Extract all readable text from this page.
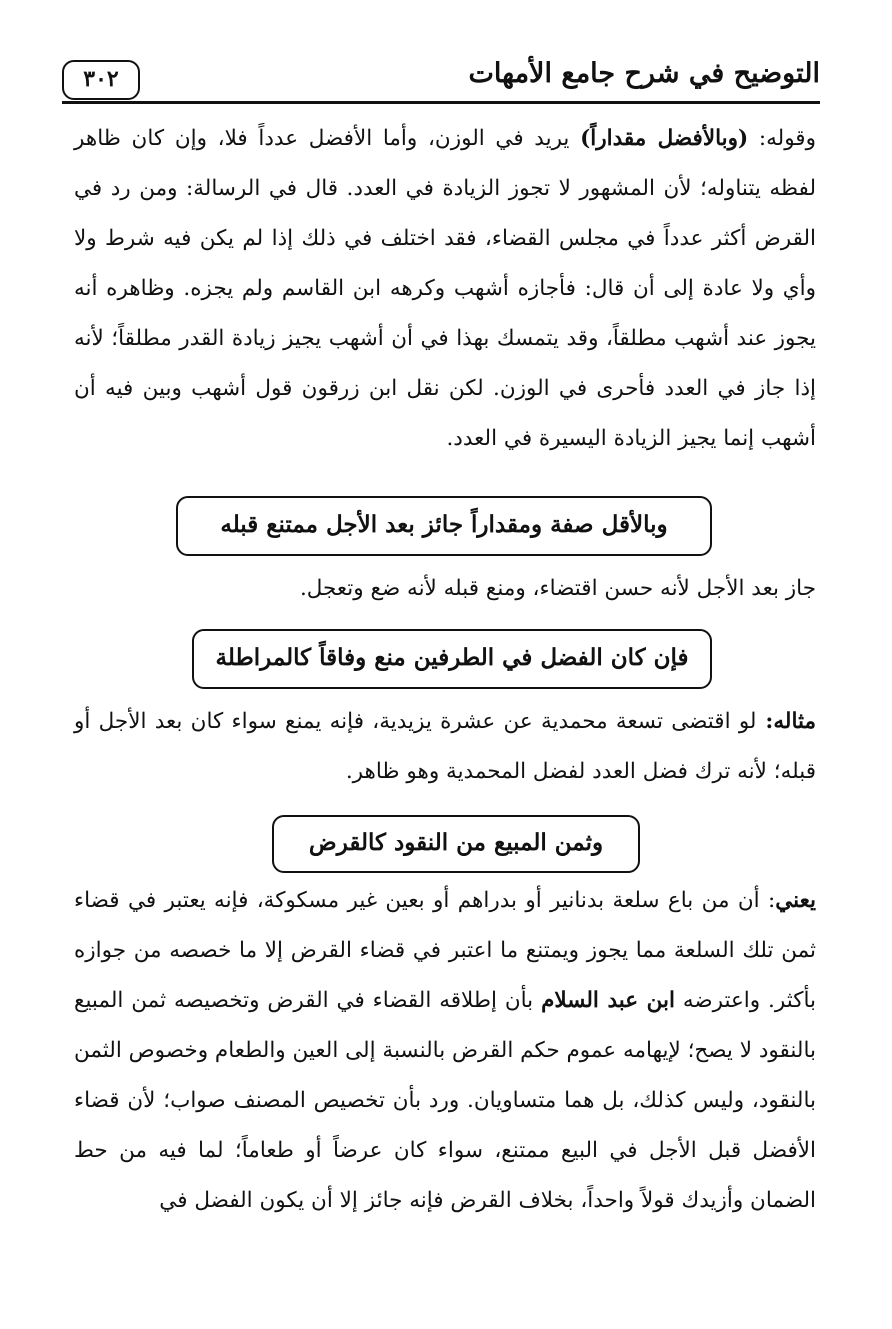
التوضيح في شرح جامع الأمهات
٣٠٢

وقوله: (وبالأفضل مقداراً) يريد في الوزن، وأما الأفضل عدداً فلا، وإن كان ظاهر لفظه يتناوله؛ لأن المشهور لا تجوز الزيادة في العدد. قال في الرسالة: ومن رد في القرض أكثر عدداً في مجلس القضاء، فقد اختلف في ذلك إذا لم يكن فيه شرط ولا وأي ولا عادة إلى أن قال: فأجازه أشهب وكرهه ابن القاسم ولم يجزه. وظاهره أنه يجوز عند أشهب مطلقاً، وقد يتمسك بهذا في أن أشهب يجيز زيادة القدر مطلقاً؛ لأنه إذا جاز في العدد فأحرى في الوزن. لكن نقل ابن زرقون قول أشهب وبين فيه أن أشهب إنما يجيز الزيادة اليسيرة في العدد.

وبالأقل صفة ومقداراً جائز بعد الأجل ممتنع قبله

جاز بعد الأجل لأنه حسن اقتضاء، ومنع قبله لأنه ضع وتعجل.

فإن كان الفضل في الطرفين منع وفاقاً كالمراطلة

مثاله: لو اقتضى تسعة محمدية عن عشرة يزيدية، فإنه يمنع سواء كان بعد الأجل أو قبله؛ لأنه ترك فضل العدد لفضل المحمدية وهو ظاهر.

وثمن المبيع من النقود كالقرض

يعني: أن من باع سلعة بدنانير أو بدراهم أو بعين غير مسكوكة، فإنه يعتبر في قضاء ثمن تلك السلعة مما يجوز ويمتنع ما اعتبر في قضاء القرض إلا ما خصصه من جوازه بأكثر. واعترضه ابن عبد السلام بأن إطلاقه القضاء في القرض وتخصيصه ثمن المبيع بالنقود لا يصح؛ لإيهامه عموم حكم القرض بالنسبة إلى العين والطعام وخصوص الثمن بالنقود، وليس كذلك، بل هما متساويان. ورد بأن تخصيص المصنف صواب؛ لأن قضاء الأفضل قبل الأجل في البيع ممتنع، سواء كان عرضاً أو طعاماً؛ لما فيه من حط الضمان وأزيدك قولاً واحداً، بخلاف القرض فإنه جائز إلا أن يكون الفضل في
